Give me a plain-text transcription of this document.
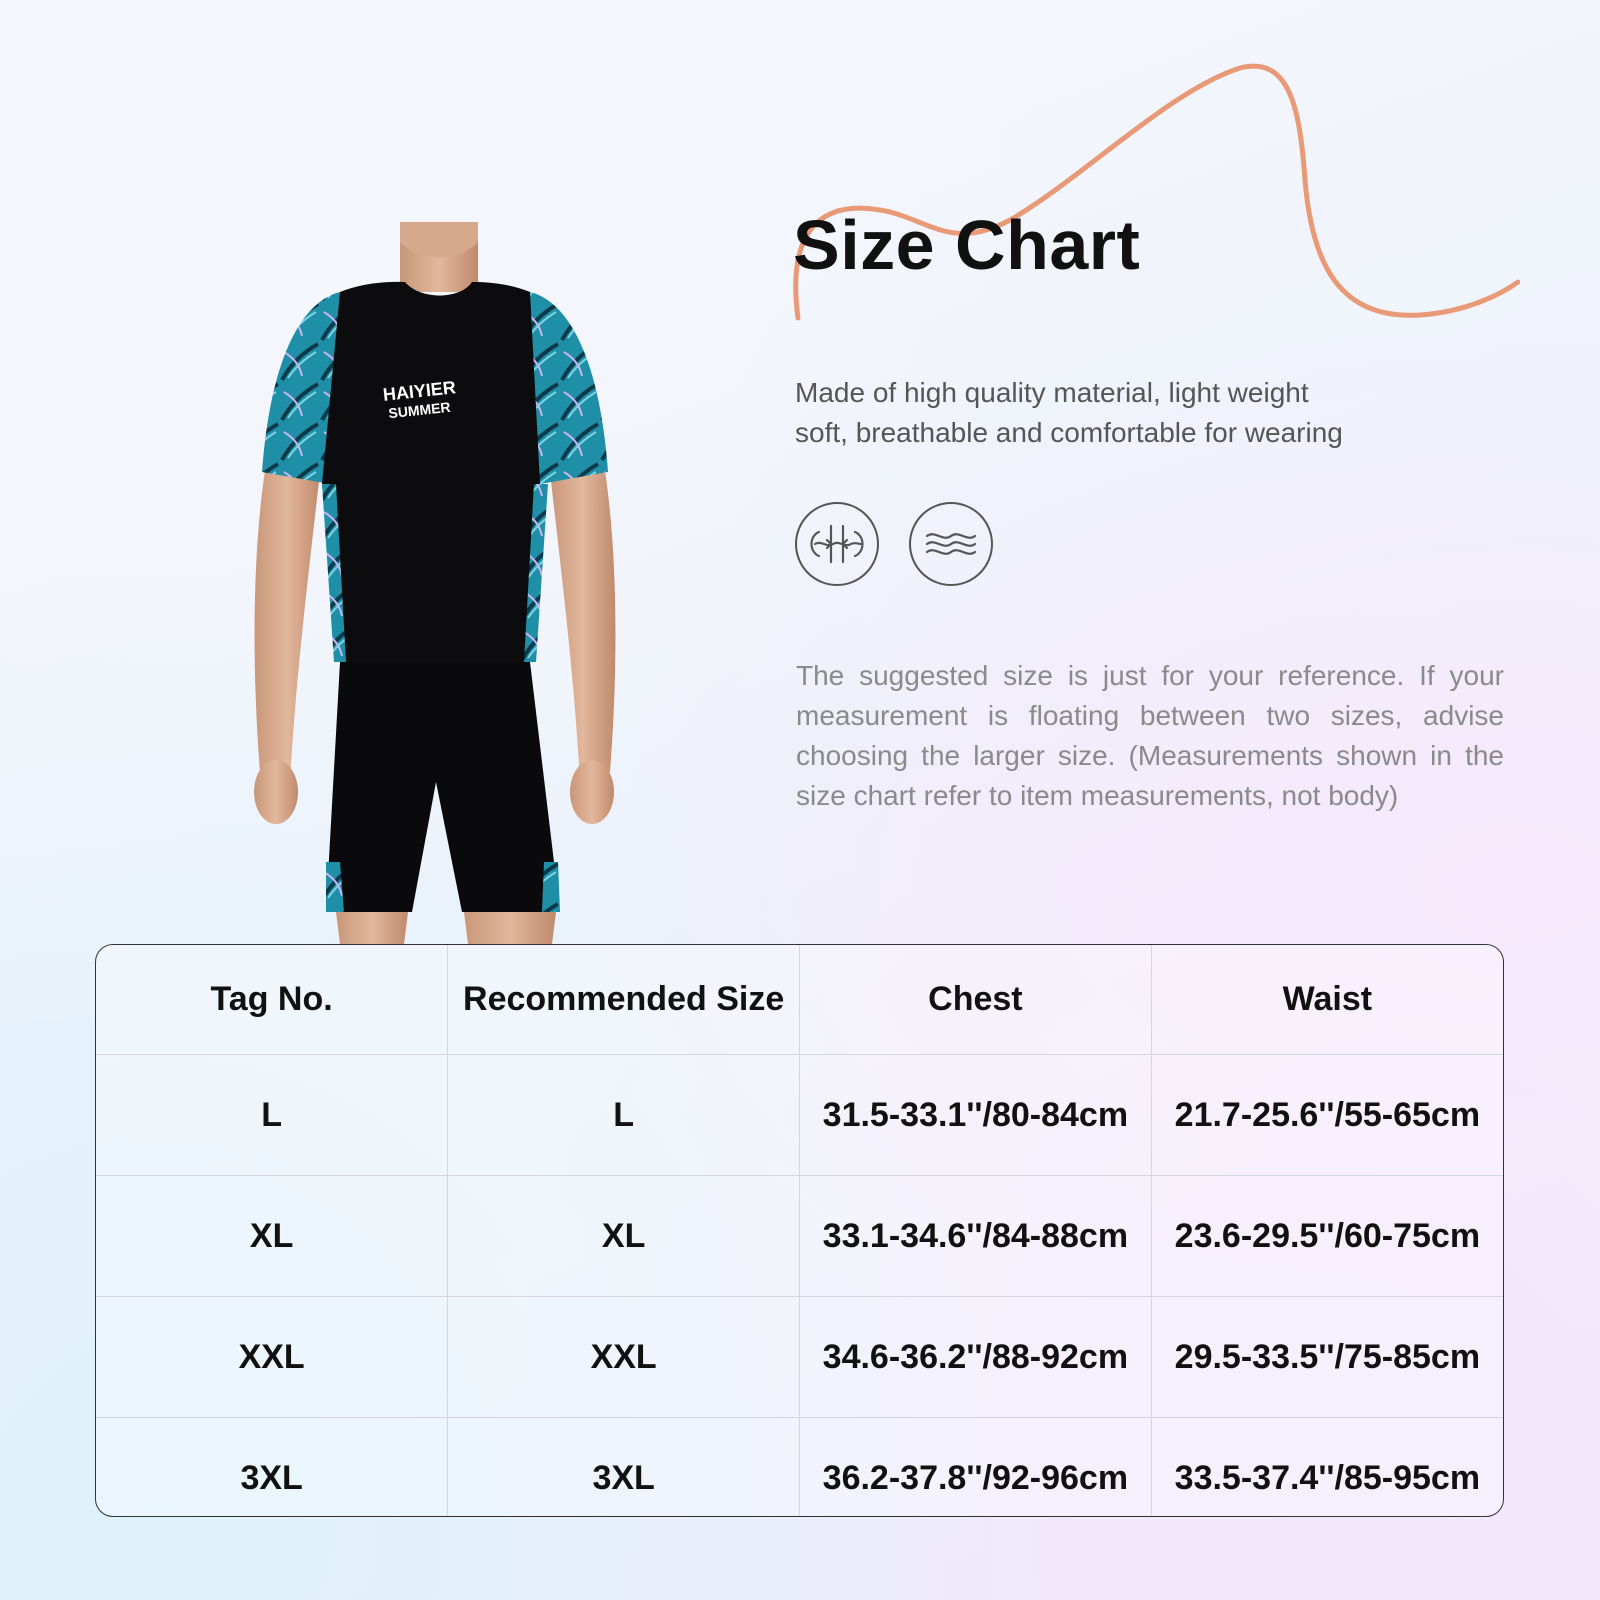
Size Chart

Made of high quality material, light weight
soft, breathable and comfortable for wearing

The suggested size is just for your reference. If your measurement is floating between two sizes, advise choosing the larger size. (Measurements shown in the size chart refer to item measurements, not body)

HAIYIER
SUMMER
Tag No.	Recommended Size	Chest	Waist
L	L	31.5-33.1''/80-84cm	21.7-25.6''/55-65cm
XL	XL	33.1-34.6''/84-88cm	23.6-29.5''/60-75cm
XXL	XXL	34.6-36.2''/88-92cm	29.5-33.5''/75-85cm
3XL	3XL	36.2-37.8''/92-96cm	33.5-37.4''/85-95cm
